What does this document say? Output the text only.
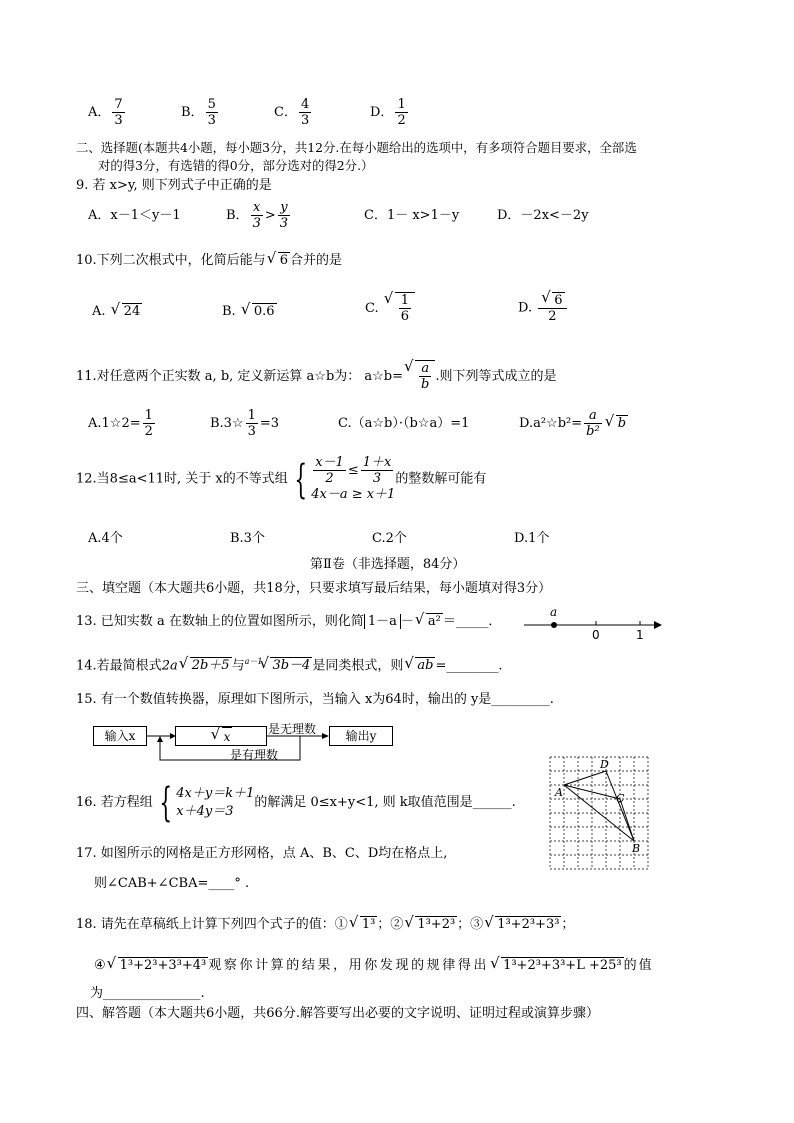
A． $\frac{7}{3}$	B． $\frac{5}{3}$	C． $\frac{4}{3}$	D． $\frac{1}{2}$
二、选择题(本题共4小题，每小题3分，共12分.在每小题给出的选项中，有多项符合题目要求，全部选
对的得3分，有选错的得0分，部分选对的得2分.）
9. 若 x>y, 则下列式子中正确的是
A．x－1＜y－1	B． $\frac{x}{3} > \frac{y}{3}$	C．1－ x>1－y	D．－2x<－2y
10.下列二次根式中，化简后能与 √ 6 合并的是
A. √ 24	B. √ 0.6	C. √ $\frac{1}{6}$	D. √ $\frac{6}{2}$
11.对任意两个正实数 a, b, 定义新运算 a☆b为： a☆b= √ $\frac{a}{b}$ .则下列等式成立的是
A.1☆2= $\frac{1}{2}$	B.3☆ $\frac{1}{3} =3$	C.（a☆b）·（b☆a）=1	D.a²☆b²= $\frac{a}{\text{b²}}$ √ b
12.当8≤a<11时, 关于 x的不等式组 { $\frac{x-1}{2} \le \frac{1+x}{3}$
4x－a ≥ x＋1
的整数解可能有
A.4个	B.3个	C.2个	D.1个
第Ⅱ卷（非选择题，84分）
三、填空题（本大题共6小题，共18分，只要求填写最后结果，每小题填对得3分）
13. 已知实数 a 在数轴上的位置如图所示，则化简 1－a － √ a² ＝_____．
a
0	1
14.若最简根式2a √ 2b＋5 与$^{a-1}$ √ 3b－4 是同类根式，则 √ ab =________.
15. 有一个数值转换器，原理如下图所示，当输入 x为64时，输出的 y是_________.
输入x	√ x	输出y
是无理数
是有理数
16. 若方程组 { 4x＋y＝k＋1
x＋4y＝3
的解满足 0≤x+y<1, 则 k取值范围是______.
17. 如图所示的网格是正方形网格，点 A、B、C、D均在格点上,
则∠CAB+∠CBA=____° .
A
D
C
B
18. 请先在草稿纸上计算下列四个式子的值：① √ 1³ ；② √ 1³+2³ ；③ √ 1³+2³+3³ ；
④ √ 1³+2³+3³+4³ 观察你计算的结果，用你发现的规律得出 √ 1³+2³+3³+L +25³ 的值
为_______________.
四、解答题（本大题共6小题，共66分.解答要写出必要的文字说明、证明过程或演算步骤）
